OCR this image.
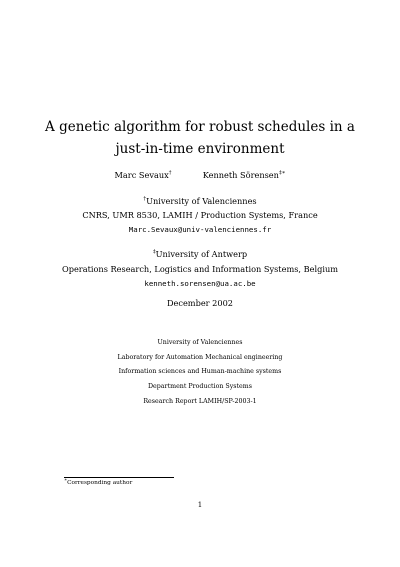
A genetic algorithm for robust schedules in a
just-in-time environment
Marc Sevaux†	Kenneth Sörensen‡∗
†University of Valenciennes
CNRS, UMR 8530, LAMIH / Production Systems, France
Marc.Sevaux@univ-valenciennes.fr
‡University of Antwerp
Operations Research, Logistics and Information Systems, Belgium
kenneth.sorensen@ua.ac.be
December 2002
University of Valenciennes
Laboratory for Automation Mechanical engineering
Information sciences and Human-machine systems
Department Production Systems
Research Report LAMIH/SP-2003-1
∗Corresponding author
1
